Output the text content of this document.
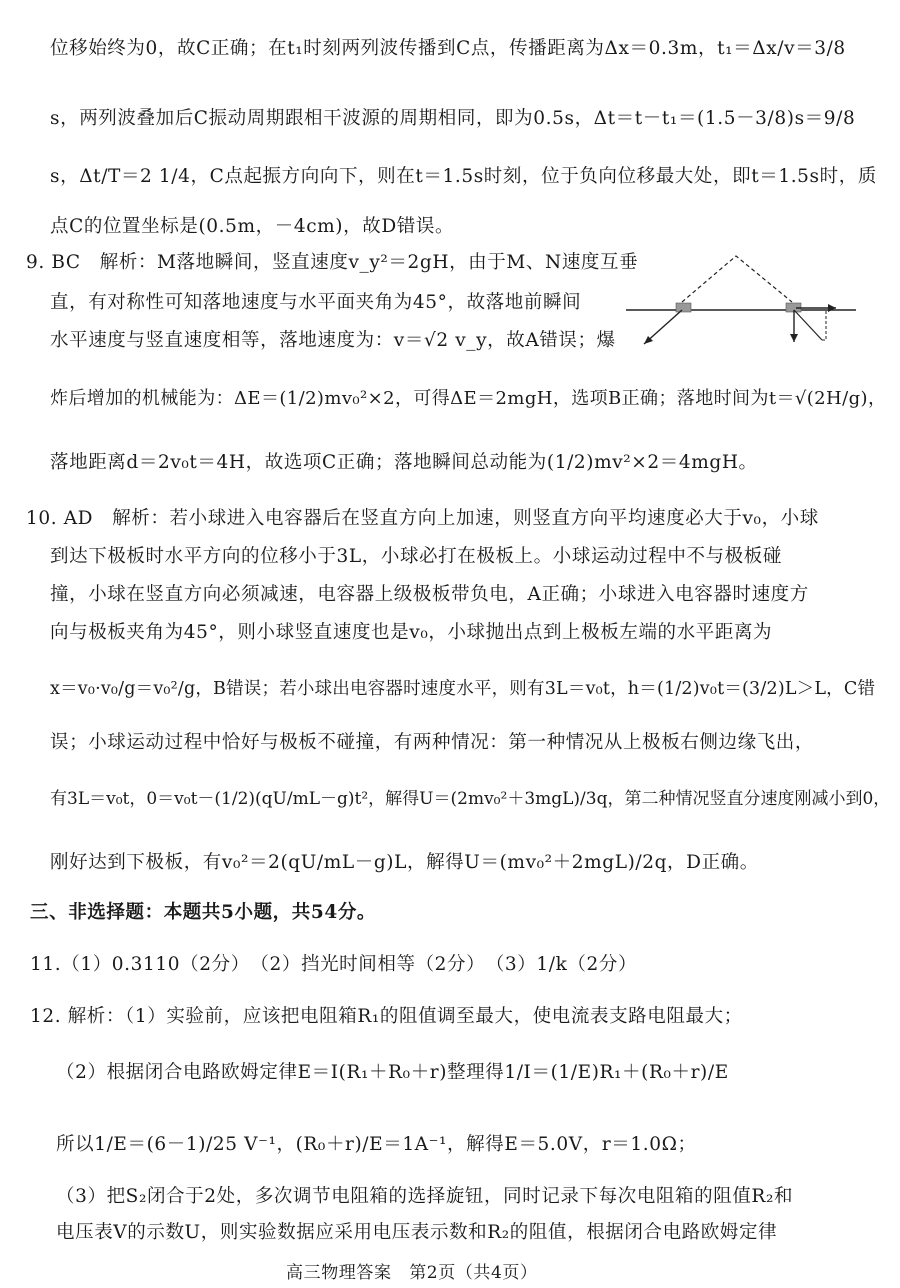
位移始终为0，故C正确；在t₁时刻两列波传播到C点，传播距离为Δx＝0.3m，t₁＝Δx/v＝3/8
s，两列波叠加后C振动周期跟相干波源的周期相同，即为0.5s，Δt＝t－t₁＝(1.5－3/8)s＝9/8
s，Δt/T＝2 1/4，C点起振方向向下，则在t＝1.5s时刻，位于负向位移最大处，即t＝1.5s时，质
点C的位置坐标是(0.5m，－4cm)，故D错误。
9. BC　解析：M落地瞬间，竖直速度v_y²＝2gH，由于M、N速度互垂
直，有对称性可知落地速度与水平面夹角为45°，故落地前瞬间
水平速度与竖直速度相等，落地速度为：v＝√2 v_y，故A错误；爆
炸后增加的机械能为：ΔE＝(1/2)mv₀²×2，可得ΔE＝2mgH，选项B正确；落地时间为t＝√(2H/g)，
落地距离d＝2v₀t＝4H，故选项C正确；落地瞬间总动能为(1/2)mv²×2＝4mgH。
10. AD　解析：若小球进入电容器后在竖直方向上加速，则竖直方向平均速度必大于v₀，小球
到达下极板时水平方向的位移小于3L，小球必打在极板上。小球运动过程中不与极板碰
撞，小球在竖直方向必须减速，电容器上级极板带负电，A正确；小球进入电容器时速度方
向与极板夹角为45°，则小球竖直速度也是v₀，小球抛出点到上极板左端的水平距离为
x＝v₀·v₀/g＝v₀²/g，B错误；若小球出电容器时速度水平，则有3L＝v₀t，h＝(1/2)v₀t＝(3/2)L＞L，C错
误；小球运动过程中恰好与极板不碰撞，有两种情况：第一种情况从上极板右侧边缘飞出，
有3L＝v₀t，0＝v₀t－(1/2)(qU/mL－g)t²，解得U＝(2mv₀²＋3mgL)/3q，第二种情况竖直分速度刚减小到0，
刚好达到下极板，有v₀²＝2(qU/mL－g)L，解得U＝(mv₀²＋2mgL)/2q，D正确。
三、非选择题：本题共5小题，共54分。
11.（1）0.3110（2分）　（2）挡光时间相等（2分）　（3）1/k（2分）
12. 解析：（1）实验前，应该把电阻箱R₁的阻值调至最大，使电流表支路电阻最大；
（2）根据闭合电路欧姆定律E＝I(R₁＋R₀＋r)整理得1/I＝(1/E)R₁＋(R₀＋r)/E
所以1/E＝(6－1)/25 V⁻¹，(R₀＋r)/E＝1A⁻¹，解得E＝5.0V，r＝1.0Ω；
（3）把S₂闭合于2处，多次调节电阻箱的选择旋钮，同时记录下每次电阻箱的阻值R₂和
电压表V的示数U，则实验数据应采用电压表示数和R₂的阻值，根据闭合电路欧姆定律
高三物理答案　第2页（共4页）
